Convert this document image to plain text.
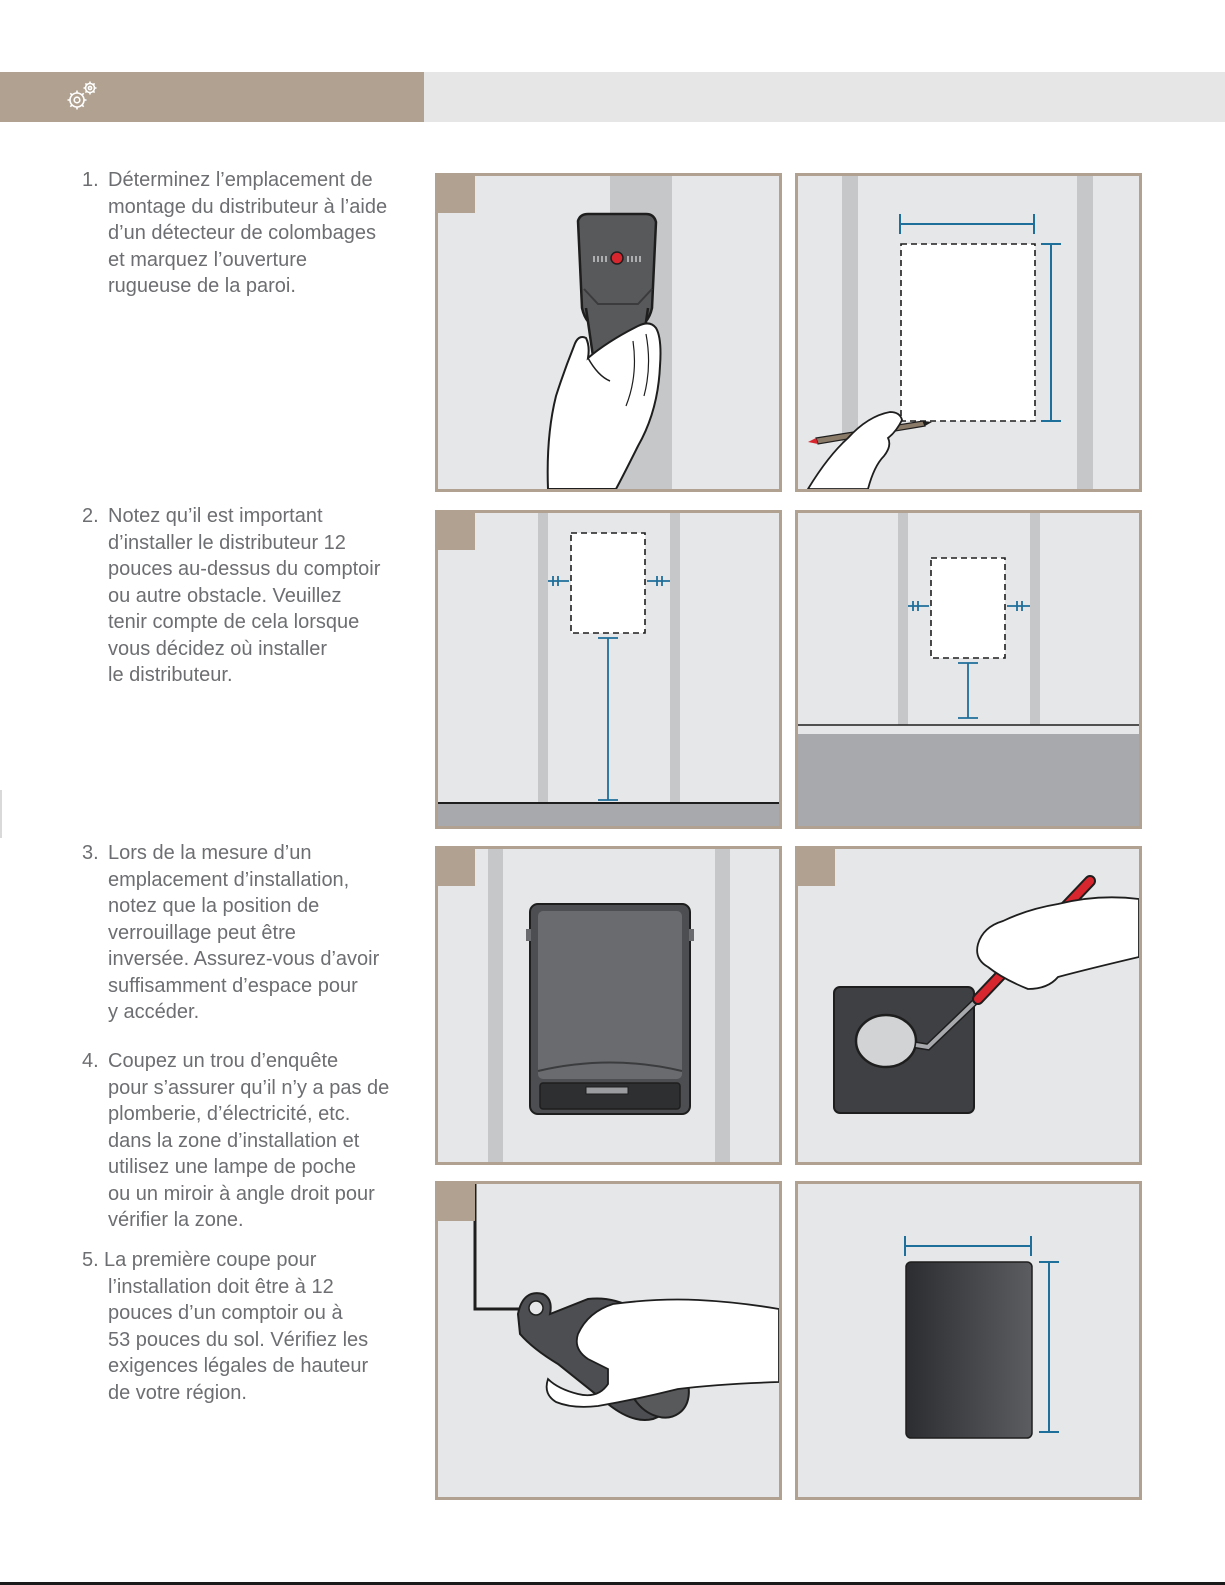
1. Déterminez l’emplacement de
montage du distributeur à l’aide
d’un détecteur de colombages
et marquez l’ouverture
rugueuse de la paroi.
2. Notez qu’il est important
d’installer le distributeur 12
pouces au-dessus du comptoir
ou autre obstacle. Veuillez
tenir compte de cela lorsque
vous décidez où installer
le distributeur.
3. Lors de la mesure d’un
emplacement d’installation,
notez que la position de
verrouillage peut être
inversée. Assurez-vous d’avoir
suffisamment d’espace pour
y accéder.
4. Coupez un trou d’enquête
pour s’assurer qu’il n’y a pas de
plomberie, d’électricité, etc.
dans la zone d’installation et
utilisez une lampe de poche
ou un miroir à angle droit pour
vérifier la zone.
5. La première coupe pour
l’installation doit être à 12
pouces d’un comptoir ou à
53 pouces du sol. Vérifiez les
exigences légales de hauteur
de votre région.
